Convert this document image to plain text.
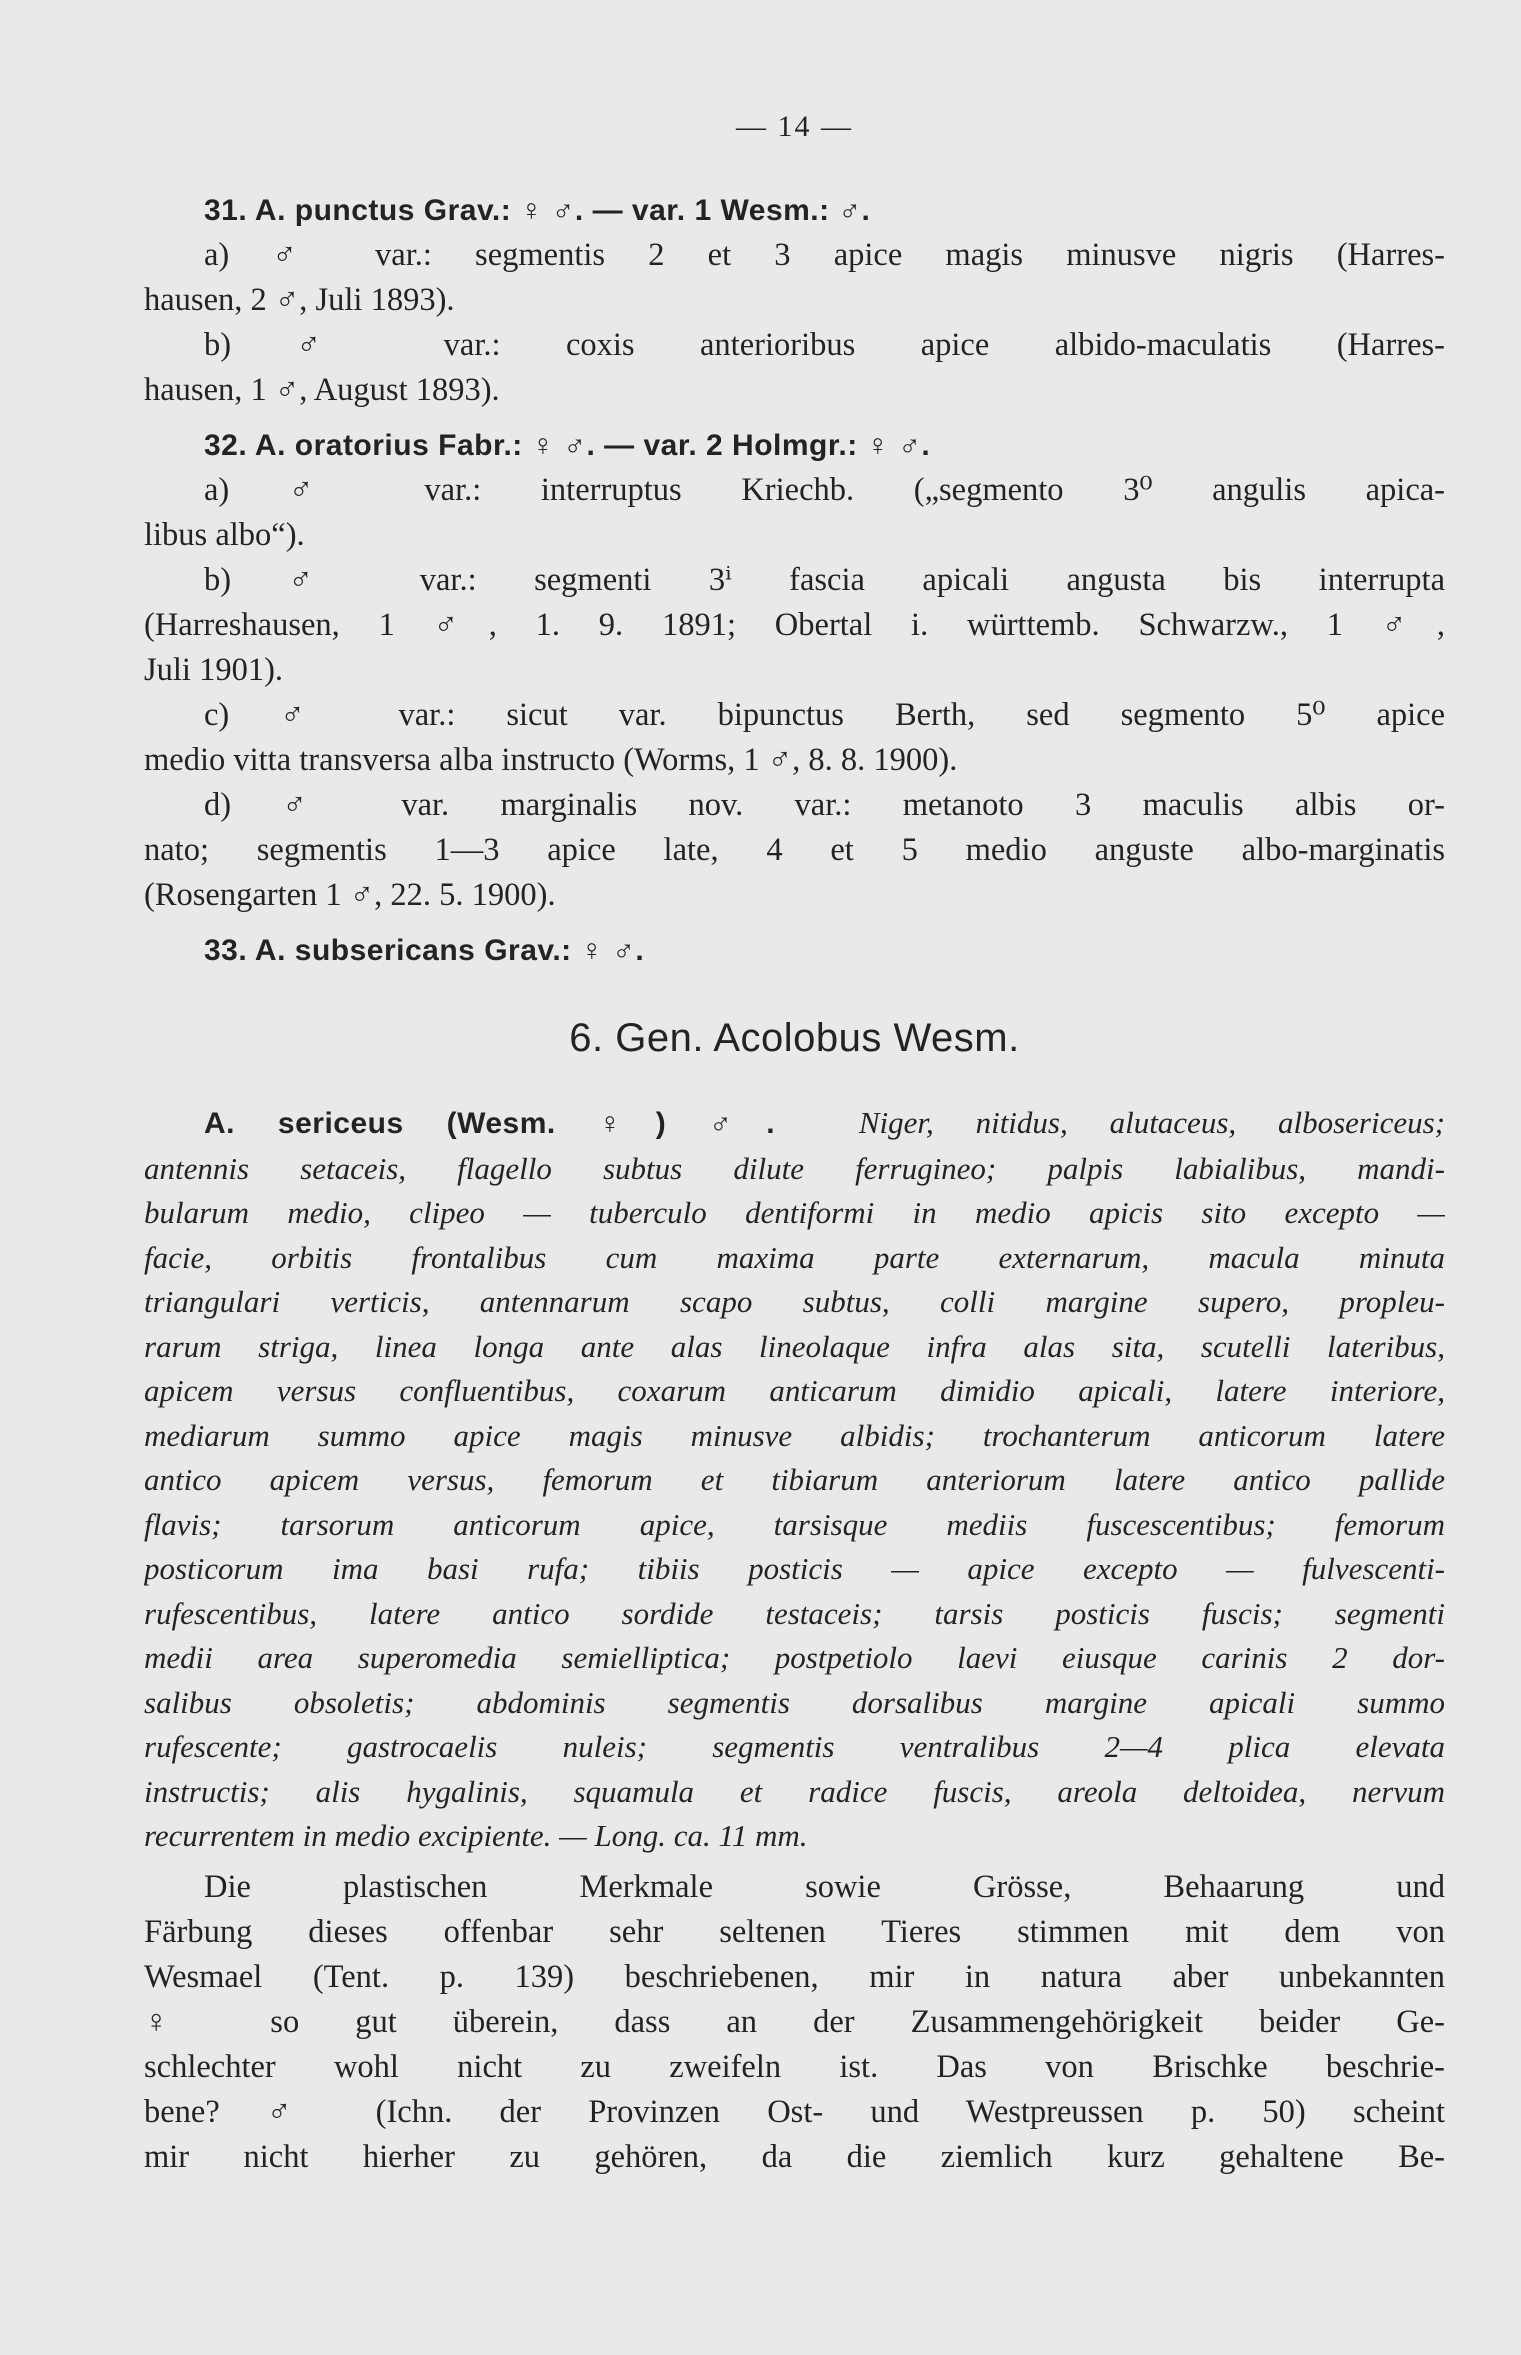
— 14 —
31. A. punctus Grav.: ♀ ♂. — var. 1 Wesm.: ♂.
a) ♂ var.: segmentis 2 et 3 apice magis minusve nigris (Harres-
hausen, 2 ♂, Juli 1893).
b) ♂ var.: coxis anterioribus apice albido-maculatis (Harres-
hausen, 1 ♂, August 1893).
32. A. oratorius Fabr.: ♀ ♂. — var. 2 Holmgr.: ♀ ♂.
a) ♂ var.: interruptus Kriechb. („segmento 3⁰ angulis apica-
libus albo“).
b) ♂ var.: segmenti 3ⁱ fascia apicali angusta bis interrupta
(Harreshausen, 1 ♂, 1. 9. 1891; Obertal i. württemb. Schwarzw., 1 ♂,
Juli 1901).
c) ♂ var.: sicut var. bipunctus Berth, sed segmento 5⁰ apice
medio vitta transversa alba instructo (Worms, 1 ♂, 8. 8. 1900).
d) ♂ var. marginalis nov. var.: metanoto 3 maculis albis or-
nato; segmentis 1—3 apice late, 4 et 5 medio anguste albo-marginatis
(Rosengarten 1 ♂, 22. 5. 1900).
33. A. subsericans Grav.: ♀ ♂.
6. Gen. Acolobus Wesm.
A. sericeus (Wesm. ♀) ♂.	Niger, nitidus, alutaceus, albosericeus;
antennis setaceis, flagello subtus dilute ferrugineo; palpis labialibus, mandi-
bularum medio, clipeo — tuberculo dentiformi in medio apicis sito excepto —
facie, orbitis frontalibus cum maxima parte externarum, macula minuta
triangulari verticis, antennarum scapo subtus, colli margine supero, propleu-
rarum striga, linea longa ante alas lineolaque infra alas sita, scutelli lateribus,
apicem versus confluentibus, coxarum anticarum dimidio apicali, latere interiore,
mediarum summo apice magis minusve albidis; trochanterum anticorum latere
antico apicem versus, femorum et tibiarum anteriorum latere antico pallide
flavis; tarsorum anticorum apice, tarsisque mediis fuscescentibus; femorum
posticorum ima basi rufa; tibiis posticis — apice excepto — fulvescenti-
rufescentibus, latere antico sordide testaceis; tarsis posticis fuscis; segmenti
medii area superomedia semielliptica; postpetiolo laevi eiusque carinis 2 dor-
salibus obsoletis; abdominis segmentis dorsalibus margine apicali summo
rufescente; gastrocaelis nuleis; segmentis ventralibus 2—4 plica elevata
instructis; alis hygalinis, squamula et radice fuscis, areola deltoidea, nervum
recurrentem in medio excipiente. — Long. ca. 11 mm.
Die plastischen Merkmale sowie Grösse, Behaarung und
Färbung dieses offenbar sehr seltenen Tieres stimmen mit dem von
Wesmael (Tent. p. 139) beschriebenen, mir in natura aber unbekannten
♀ so gut überein, dass an der Zusammengehörigkeit beider Ge-
schlechter wohl nicht zu zweifeln ist. Das von Brischke beschrie-
bene? ♂ (Ichn. der Provinzen Ost- und Westpreussen p. 50) scheint
mir nicht hierher zu gehören, da die ziemlich kurz gehaltene Be-
